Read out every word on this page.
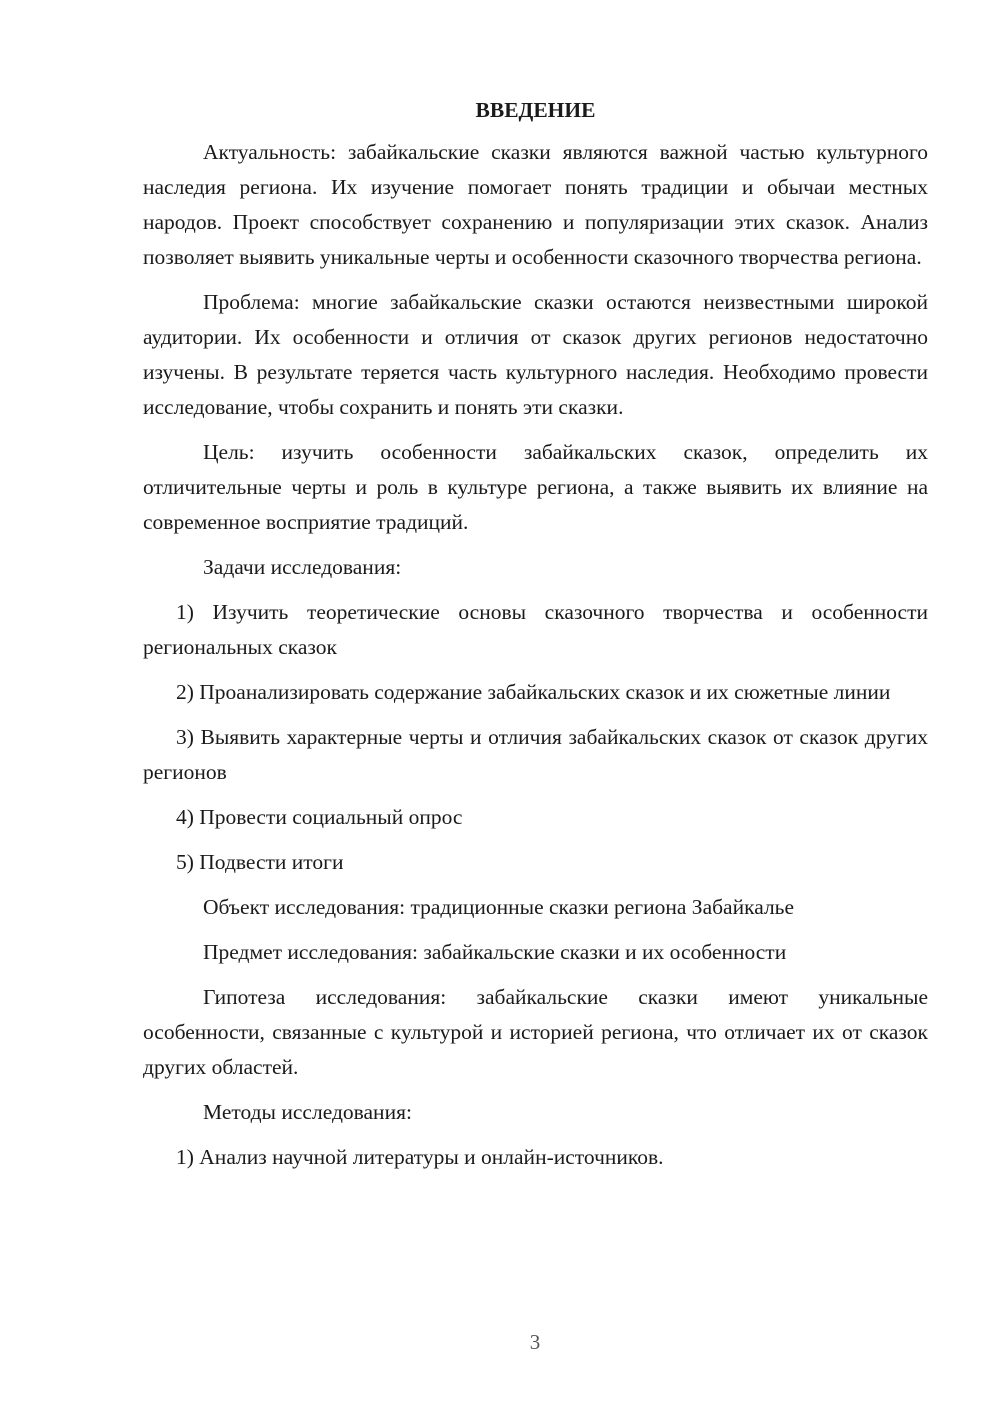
ВВЕДЕНИЕ

Актуальность: забайкальские сказки являются важной частью культурного наследия региона. Их изучение помогает понять традиции и обычаи местных народов. Проект способствует сохранению и популяризации этих сказок. Анализ позволяет выявить уникальные черты и особенности сказочного творчества региона.

Проблема: многие забайкальские сказки остаются неизвестными широкой аудитории. Их особенности и отличия от сказок других регионов недостаточно изучены. В результате теряется часть культурного наследия. Необходимо провести исследование, чтобы сохранить и понять эти сказки.

Цель: изучить особенности забайкальских сказок, определить их отличительные черты и роль в культуре региона, а также выявить их влияние на современное восприятие традиций.

Задачи исследования:

1) Изучить теоретические основы сказочного творчества и особенности региональных сказок

2) Проанализировать содержание забайкальских сказок и их сюжетные линии

3) Выявить характерные черты и отличия забайкальских сказок от сказок других регионов

4) Провести социальный опрос

5) Подвести итоги

Объект исследования: традиционные сказки региона Забайкалье

Предмет исследования: забайкальские сказки и их особенности

Гипотеза исследования: забайкальские сказки имеют уникальные особенности, связанные с культурой и историей региона, что отличает их от сказок других областей.

Методы исследования:

1) Анализ научной литературы и онлайн-источников.

3
